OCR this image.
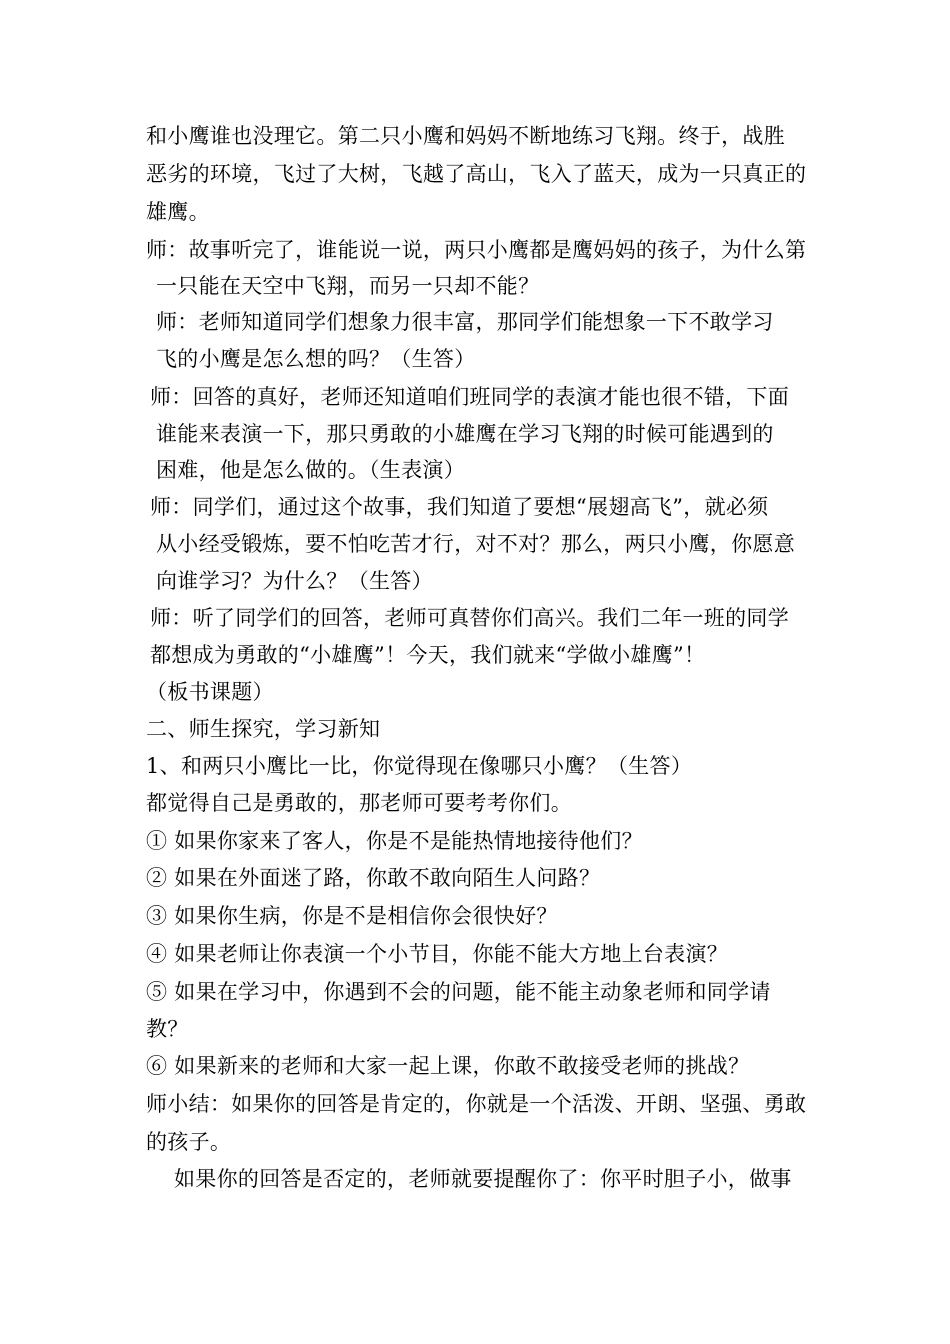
和小鹰谁也没理它。第二只小鹰和妈妈不断地练习飞翔。终于，战胜
恶劣的环境，飞过了大树，飞越了高山，飞入了蓝天，成为一只真正的
雄鹰。
师：故事听完了，谁能说一说，两只小鹰都是鹰妈妈的孩子，为什么第
一只能在天空中飞翔，而另一只却不能？
师：老师知道同学们想象力很丰富，那同学们能想象一下不敢学习
飞的小鹰是怎么想的吗？（生答）
师：回答的真好，老师还知道咱们班同学的表演才能也很不错，下面
谁能来表演一下，那只勇敢的小雄鹰在学习飞翔的时候可能遇到的
困难，他是怎么做的。（生表演）
师：同学们，通过这个故事，我们知道了要想“展翅高飞”，就必须
从小经受锻炼，要不怕吃苦才行，对不对？那么，两只小鹰，你愿意
向谁学习？为什么？（生答）
师：听了同学们的回答，老师可真替你们高兴。我们二年一班的同学
都想成为勇敢的“小雄鹰”！今天，我们就来“学做小雄鹰”！
（板书课题）
二、师生探究，学习新知
1、和两只小鹰比一比，你觉得现在像哪只小鹰？（生答）
都觉得自己是勇敢的，那老师可要考考你们。
① 如果你家来了客人，你是不是能热情地接待他们？
② 如果在外面迷了路，你敢不敢向陌生人问路？
③ 如果你生病，你是不是相信你会很快好？
④ 如果老师让你表演一个小节目，你能不能大方地上台表演？
⑤ 如果在学习中，你遇到不会的问题，能不能主动象老师和同学请
教？
⑥ 如果新来的老师和大家一起上课，你敢不敢接受老师的挑战？
师小结：如果你的回答是肯定的，你就是一个活泼、开朗、坚强、勇敢
的孩子。
如果你的回答是否定的，老师就要提醒你了：你平时胆子小，做事
